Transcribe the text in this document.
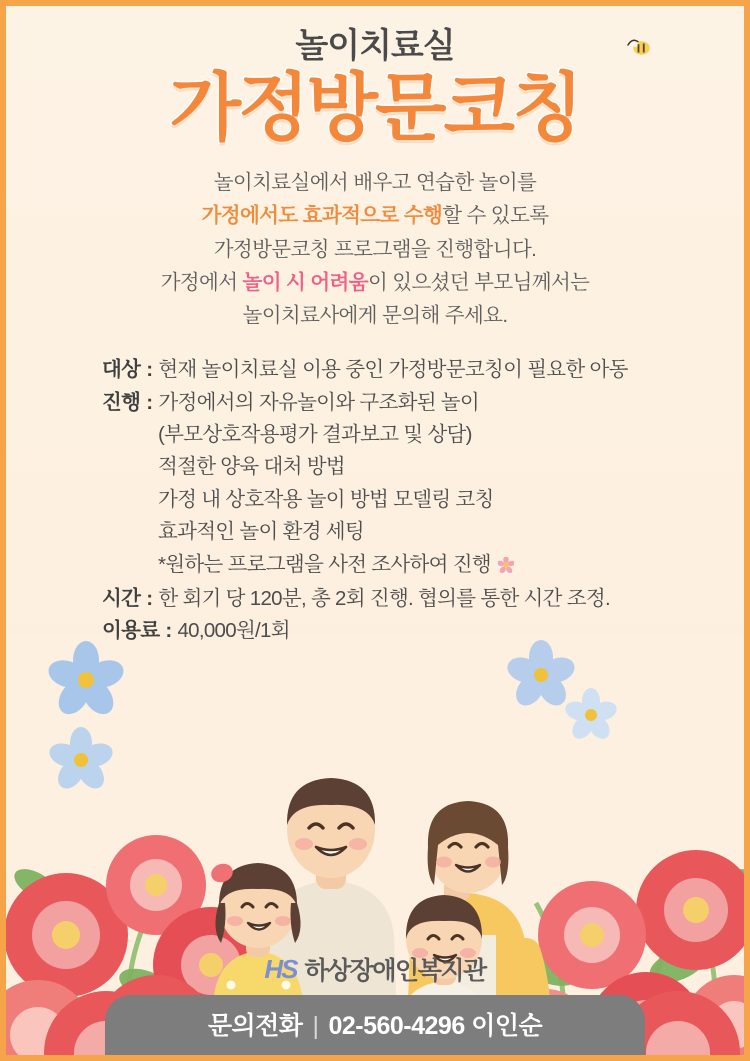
놀이치료실
가정방문코칭
놀이치료실에서 배우고 연습한 놀이를
가정에서도 효과적으로 수행할 수 있도록
가정방문코칭 프로그램을 진행합니다.
가정에서 놀이 시 어려움이 있으셨던 부모님께서는
놀이치료사에게 문의해 주세요.
대상 : 현재 놀이치료실 이용 중인 가정방문코칭이 필요한 아동
진행 : 가정에서의 자유놀이와 구조화된 놀이
(부모상호작용평가 결과보고 및 상담)
적절한 양육 대처 방법
가정 내 상호작용 놀이 방법 모델링 코칭
효과적인 놀이 환경 세팅
*원하는 프로그램을 사전 조사하여 진행
시간 : 한 회기 당 120분, 총 2회 진행. 협의를 통한 시간 조정.
이용료 : 40,000원/1회
HS 하상장애인복지관
문의전화 | 02-560-4296 이인순
